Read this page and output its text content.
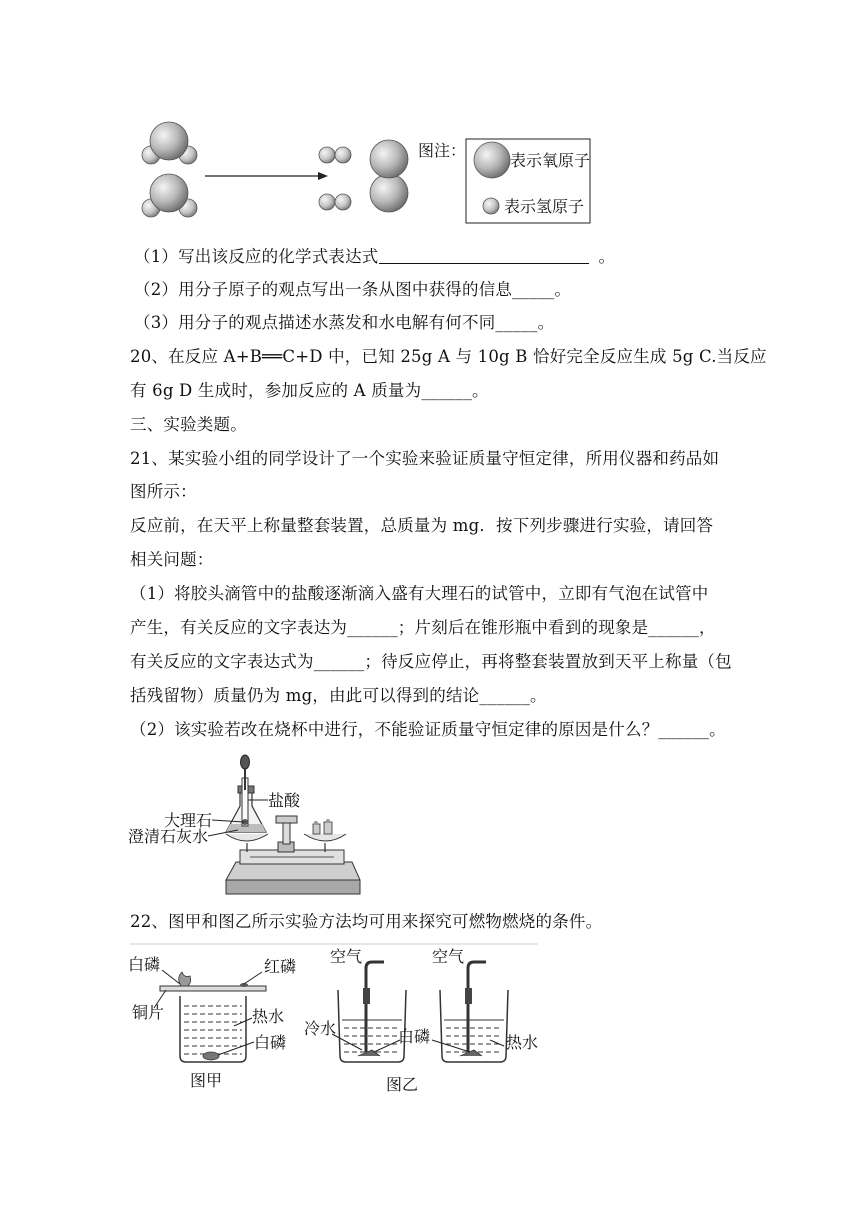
图注：
表示氧原子
表示氢原子
（1）写出该反应的化学式表达式	。
（2）用分子原子的观点写出一条从图中获得的信息_____。
（3）用分子的观点描述水蒸发和水电解有何不同_____。
20、在反应 A+B══C+D 中，已知 25g A 与 10g B 恰好完全反应生成 5g C.当反应
有 6g D 生成时，参加反应的 A 质量为______。
三、实验类题。
21、某实验小组的同学设计了一个实验来验证质量守恒定律，所用仪器和药品如
图所示：
反应前，在天平上称量整套装置，总质量为 mg．按下列步骤进行实验，请回答
相关问题：
（1）将胶头滴管中的盐酸逐渐滴入盛有大理石的试管中，立即有气泡在试管中
产生，有关反应的文字表达为______；片刻后在锥形瓶中看到的现象是______，
有关反应的文字表达式为______；待反应停止，再将整套装置放到天平上称量（包
括残留物）质量仍为 mg，由此可以得到的结论______。
（2）该实验若改在烧杯中进行，不能验证质量守恒定律的原因是什么？______。
盐酸
大理石
澄清石灰水
22、图甲和图乙所示实验方法均可用来探究可燃物燃烧的条件。
白磷	红磷
铜片	热水
白磷
图甲
空气	空气
冷水	白磷	热水
图乙
